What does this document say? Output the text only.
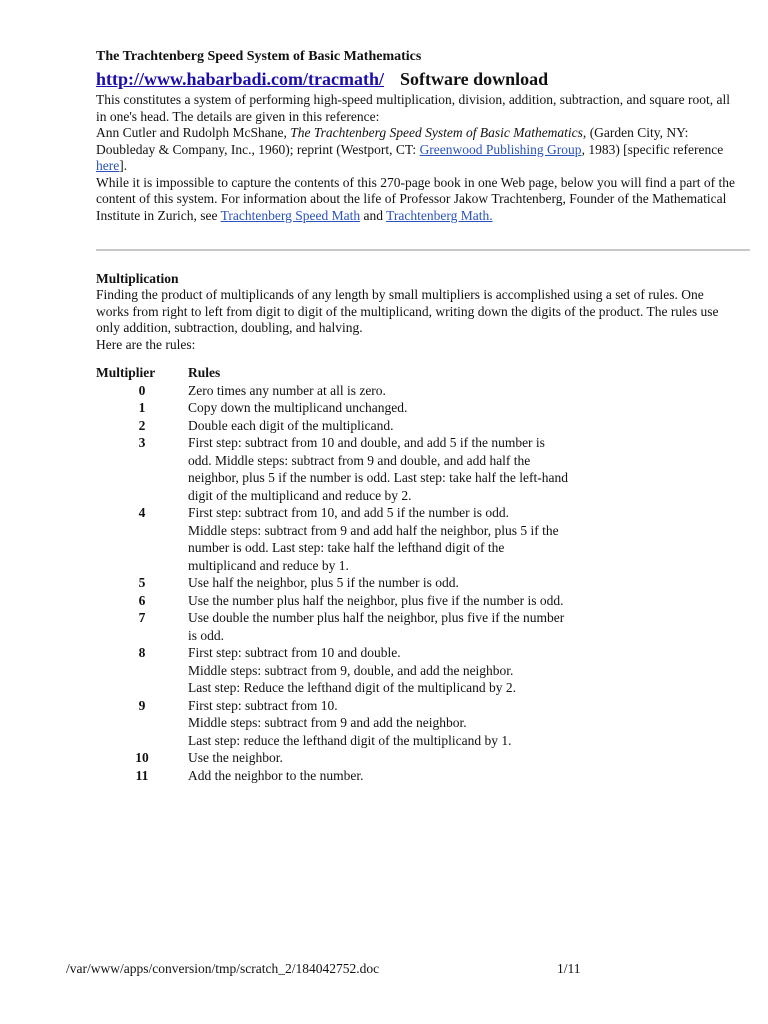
The Trachtenberg Speed System of Basic Mathematics

http://www.habarbadi.com/tracmath/ Software download

This constitutes a system of performing high-speed multiplication, division, addition, subtraction, and square root, all in one's head. The details are given in this reference:

Ann Cutler and Rudolph McShane, The Trachtenberg Speed System of Basic Mathematics, (Garden City, NY: Doubleday & Company, Inc., 1960); reprint (Westport, CT: Greenwood Publishing Group, 1983) [specific reference here].

While it is impossible to capture the contents of this 270-page book in one Web page, below you will find a part of the content of this system. For information about the life of Professor Jakow Trachtenberg, Founder of the Mathematical Institute in Zurich, see Trachtenberg Speed Math and Trachtenberg Math.

Multiplication

Finding the product of multiplicands of any length by small multipliers is accomplished using a set of rules. One works from right to left from digit to digit of the multiplicand, writing down the digits of the product. The rules use only addition, subtraction, doubling, and halving.

Here are the rules:

Multiplier	Rules
0	Zero times any number at all is zero.

1	Copy down the multiplicand unchanged.

2	Double each digit of the multiplicand.

3	First step: subtract from 10 and double, and add 5 if the number is odd. Middle steps: subtract from 9 and double, and add half the neighbor, plus 5 if the number is odd. Last step: take half the left-hand digit of the multiplicand and reduce by 2.

4	First step: subtract from 10, and add 5 if the number is odd.
Middle steps: subtract from 9 and add half the neighbor, plus 5 if the number is odd. Last step: take half the lefthand digit of the multiplicand and reduce by 1.

5	Use half the neighbor, plus 5 if the number is odd.

6	Use the number plus half the neighbor, plus five if the number is odd.

7	Use double the number plus half the neighbor, plus five if the number is odd.

8	First step: subtract from 10 and double.
Middle steps: subtract from 9, double, and add the neighbor.
Last step: Reduce the lefthand digit of the multiplicand by 2.

9	First step: subtract from 10.
Middle steps: subtract from 9 and add the neighbor.
Last step: reduce the lefthand digit of the multiplicand by 1.

10	Use the neighbor.

11	Add the neighbor to the number.
/var/www/apps/conversion/tmp/scratch_2/184042752.doc	1/11
